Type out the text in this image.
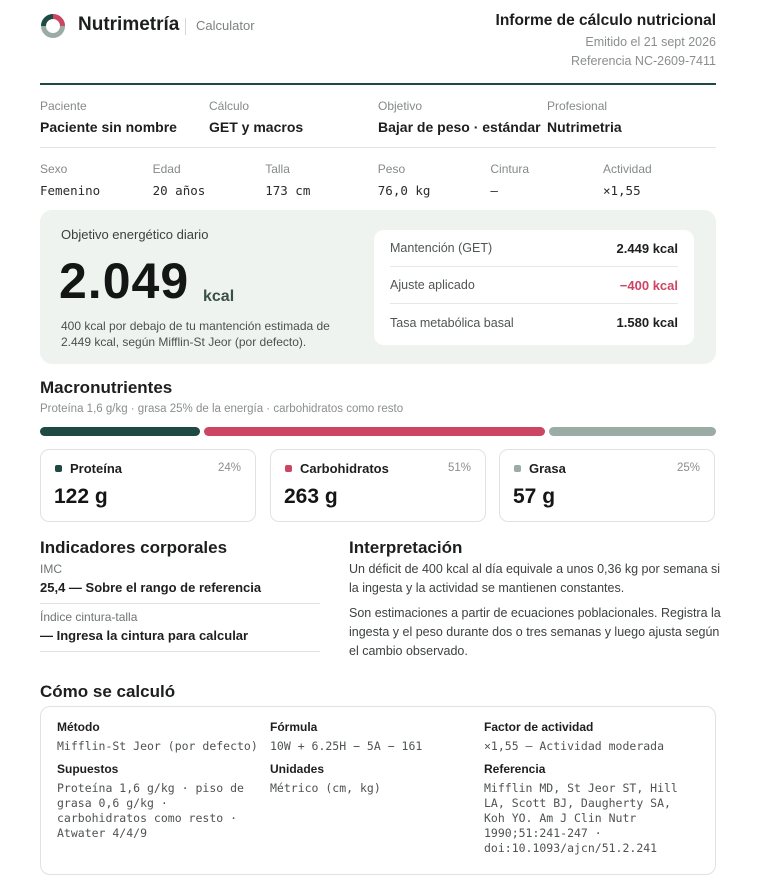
Nutrimetría Calculator	Informe de cálculo nutricional
Emitido el 21 sept 2026
Referencia NC-2609-7411
Paciente
Paciente sin nombre
Cálculo
GET y macros
Objetivo
Bajar de peso · estándar
Profesional
Nutrimetria
Sexo
Femenino
Edad
20 años
Talla
173 cm
Peso
76,0 kg
Cintura
—
Actividad
×1,55
Objetivo energético diario
2.049 kcal
400 kcal por debajo de tu mantención estimada de 2.449 kcal, según Mifflin-St Jeor (por defecto).
Mantención (GET)	2.449 kcal
Ajuste aplicado	−400 kcal
Tasa metabólica basal	1.580 kcal
Macronutrientes
Proteína 1,6 g/kg · grasa 25% de la energía · carbohidratos como resto
Proteína	24%
122 g
Carbohidratos	51%
263 g
Grasa	25%
57 g
Indicadores corporales
IMC
25,4 — Sobre el rango de referencia
Índice cintura-talla
— Ingresa la cintura para calcular
Interpretación
Un déficit de 400 kcal al día equivale a unos 0,36 kg por semana si la ingesta y la actividad se mantienen constantes.
Son estimaciones a partir de ecuaciones poblacionales. Registra la ingesta y el peso durante dos o tres semanas y luego ajusta según el cambio observado.
Cómo se calculó
Método
Mifflin-St Jeor (por defecto)
Fórmula
10W + 6.25H − 5A − 161
Factor de actividad
×1,55 — Actividad moderada
Supuestos
Proteína 1,6 g/kg · piso de grasa 0,6 g/kg · carbohidratos como resto · Atwater 4/4/9
Unidades
Métrico (cm, kg)
Referencia
Mifflin MD, St Jeor ST, Hill LA, Scott BJ, Daugherty SA, Koh YO. Am J Clin Nutr 1990;51:241-247 · doi:10.1093/ajcn/51.2.241
